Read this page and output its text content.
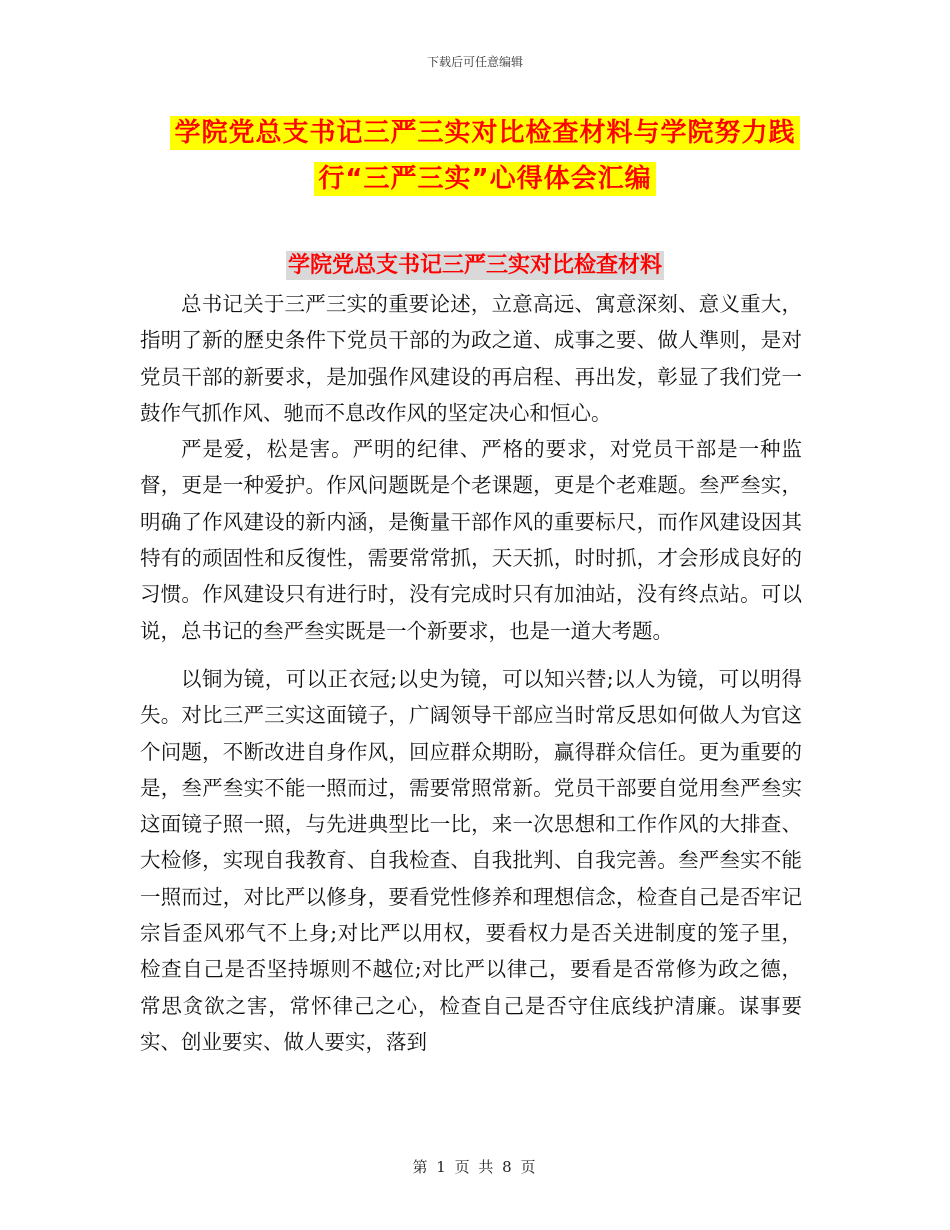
下载后可任意编辑
学院党总支书记三严三实对比检查材料与学院努力践行“三严三实”心得体会汇编
学院党总支书记三严三实对比检查材料

总书记关于三严三实的重要论述，立意高远、寓意深刻、意义重大，指明了新的歷史条件下党员干部的为政之道、成事之要、做人準则，是对党员干部的新要求，是加强作风建设的再启程、再出发，彰显了我们党一鼓作气抓作风、驰而不息改作风的坚定决心和恒心。

严是爱，松是害。严明的纪律、严格的要求，对党员干部是一种监督，更是一种爱护。作风问题既是个老课题，更是个老难题。叁严叁实，明确了作风建设的新内涵，是衡量干部作风的重要标尺，而作风建设因其特有的顽固性和反復性，需要常常抓，天天抓，时时抓，才会形成良好的习惯。作风建设只有进行时，没有完成时只有加油站，没有终点站。可以说，总书记的叁严叁实既是一个新要求，也是一道大考题。

以铜为镜，可以正衣冠;以史为镜，可以知兴替;以人为镜，可以明得失。对比三严三实这面镜子，广阔领导干部应当时常反思如何做人为官这个问题，不断改进自身作风，回应群众期盼，赢得群众信任。更为重要的是，叁严叁实不能一照而过，需要常照常新。党员干部要自觉用叁严叁实这面镜子照一照，与先进典型比一比，来一次思想和工作作风的大排查、大检修，实现自我教育、自我检查、自我批判、自我完善。叁严叁实不能一照而过，对比严以修身，要看党性修养和理想信念，检查自己是否牢记宗旨歪风邪气不上身;对比严以用权，要看权力是否关进制度的笼子里，检查自己是否坚持塬则不越位;对比严以律己，要看是否常修为政之德，常思贪欲之害，常怀律己之心，检查自己是否守住底线护清廉。谋事要实、创业要实、做人要实，落到

第 1 页 共 8 页
